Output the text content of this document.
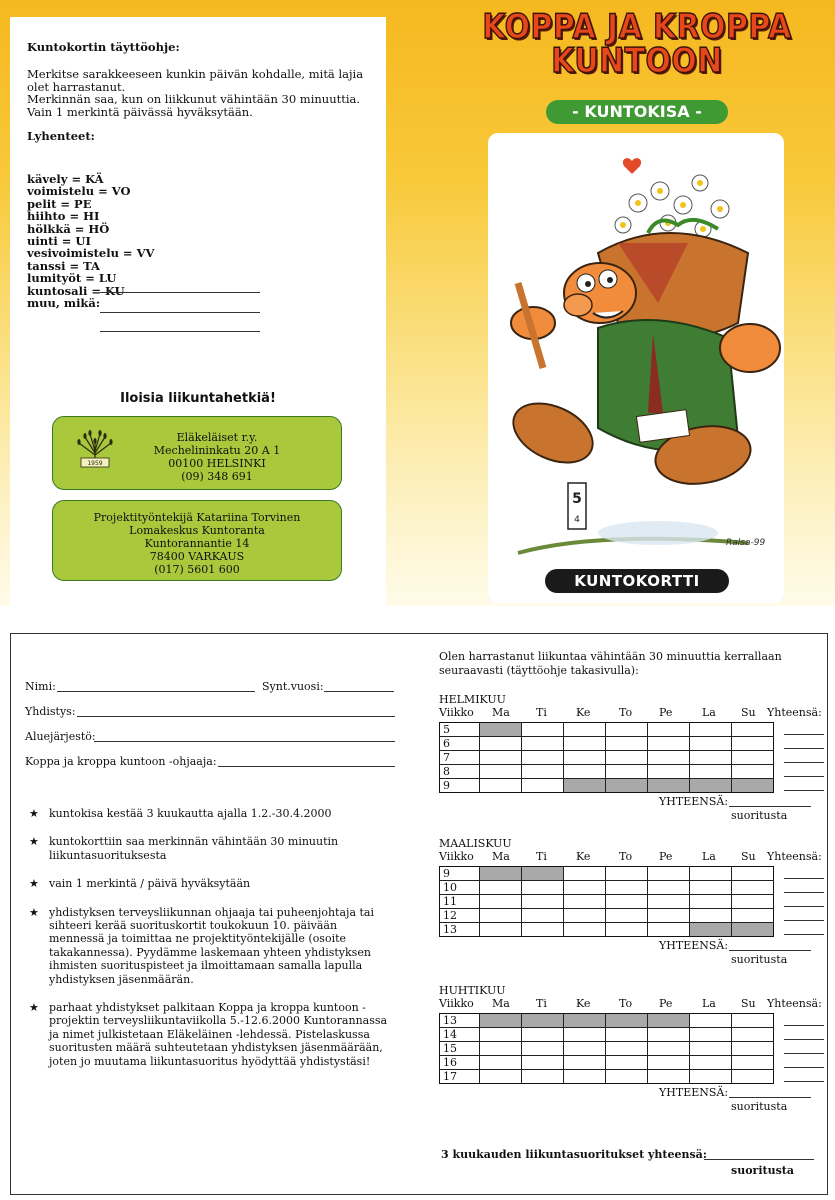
Kuntokortin täyttöohje:
Merkitse sarakkeeseen kunkin päivän kohdalle, mitä lajia olet harrastanut.
Merkinnän saa, kun on liikkunut vähintään 30 minuuttia.
Vain 1 merkintä päivässä hyväksytään.
Lyhenteet:
kävely = KÄ
voimistelu = VO
pelit = PE
hiihto = HI
hölkkä = HÖ
uinti = UI
vesivoimistelu = VV
tanssi = TA
lumityöt = LU
kuntosali = KU
muu, mikä:
Iloisia liikuntahetkiä!
1959
Eläkeläiset r.y.
Mechelininkatu 20 A 1
00100 HELSINKI
(09) 348 691
Projektityöntekijä Katariina Torvinen
Lomakeskus Kuntoranta
Kuntorannantie 14
78400 VARKAUS
(017) 5601 600
KOPPA JA KROPPA
KUNTOON
- KUNTOKISA -
5
4
Ralsa-99
KUNTOKORTTI
Nimi:	Synt.vuosi:
Yhdistys:
Aluejärjestö:
Koppa ja kroppa kuntoon -ohjaaja:
★ kuntokisa kestää 3 kuukautta ajalla 1.2.-30.4.2000
★ kuntokorttiin saa merkinnän vähintään 30 minuutin liikuntasuorituksesta
★ vain 1 merkintä / päivä hyväksytään
★ yhdistyksen terveysliikunnan ohjaaja tai puheenjohtaja tai sihteeri kerää suorituskortit toukokuun 10. päivään mennessä ja toimittaa ne projektityöntekijälle (osoite takakannessa). Pyydämme laskemaan yhteen yhdistyksen ihmisten suorituspisteet ja ilmoittamaan samalla lapulla yhdistyksen jäsenmäärän.
★ parhaat yhdistykset palkitaan Koppa ja kroppa kuntoon -projektin terveysliikuntaviikolla 5.-12.6.2000 Kuntorannassa ja nimet julkistetaan Eläkeläinen -lehdessä. Pistelaskussa suoritusten määrä suhteutetaan yhdistyksen jäsenmäärään, joten jo muutama liikuntasuoritus hyödyttää yhdistystäsi!
Olen harrastanut liikuntaa vähintään 30 minuuttia kerrallaan seuraavasti (täyttöohje takasivulla):
HELMIKUU
Viikko Ma Ti	Ke	To Pe	La Su Yhteensä:
5							
6							
7							
8							
9							
YHTEENSÄ:
suoritusta
MAALISKUU
Viikko Ma Ti	Ke	To Pe	La Su Yhteensä:
9							
10							
11							
12							
13							
YHTEENSÄ:
suoritusta
HUHTIKUU
Viikko Ma Ti	Ke	To Pe	La Su Yhteensä:
13							
14							
15							
16							
17							
YHTEENSÄ:
suoritusta
3 kuukauden liikuntasuoritukset yhteensä:
suoritusta
